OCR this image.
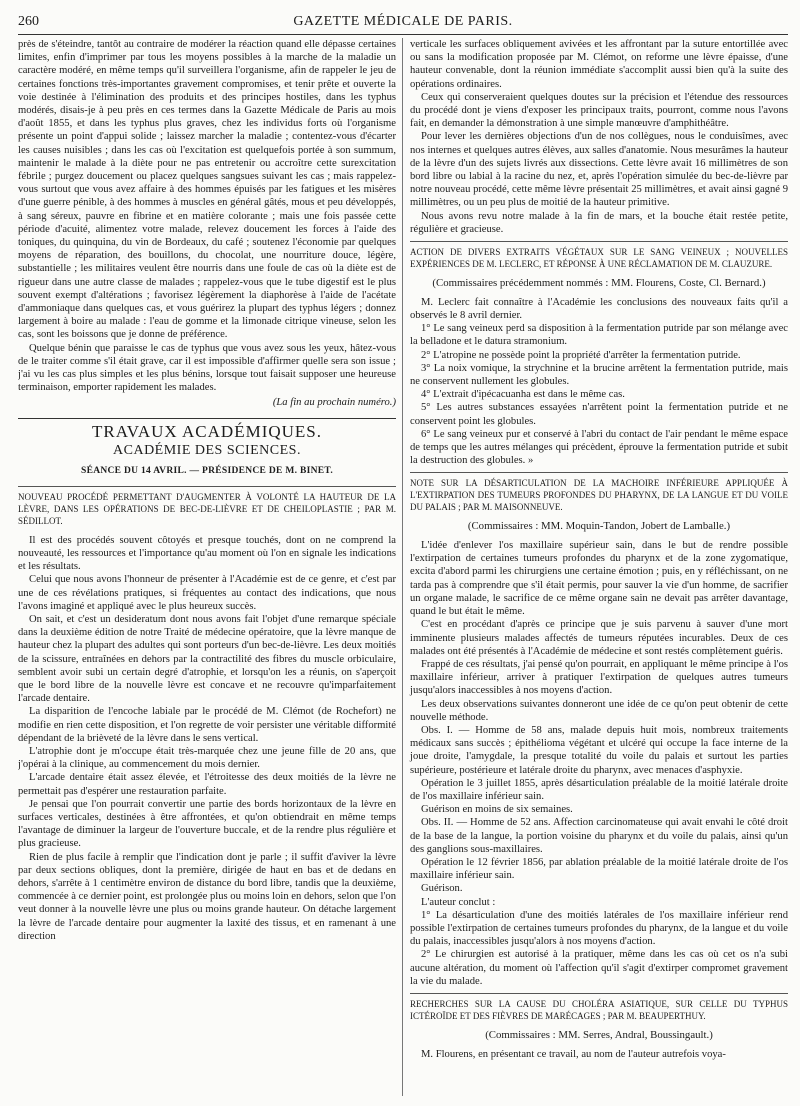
260	GAZETTE MÉDICALE DE PARIS.

près de s'éteindre, tantôt au contraire de modérer la réaction quand elle dépasse certaines limites, enfin d'imprimer par tous les moyens possibles à la marche de la maladie un caractère modéré, en même temps qu'il surveillera l'organisme, afin de rappeler le jeu de certaines fonctions très-importantes gravement compromises, et tenir prête et ouverte la voie destinée à l'élimination des produits et des principes hostiles, dans les typhus modérés, disais-je à peu près en ces termes dans la Gazette Médicale de Paris au mois d'août 1855, et dans les typhus plus graves, chez les individus forts où l'organisme présente un point d'appui solide ; laissez marcher la maladie ; contentez-vous d'écarter les causes nuisibles ; dans les cas où l'excitation est quelquefois portée à son summum, maintenir le malade à la diète pour ne pas entretenir ou accroître cette surexcitation fébrile ; purgez doucement ou placez quelques sangsues suivant les cas ; mais rappelez-vous surtout que vous avez affaire à des hommes épuisés par les fatigues et les misères d'une guerre pénible, à des hommes à muscles en général gâtés, mous et peu développés, à sang séreux, pauvre en fibrine et en matière colorante ; mais une fois passée cette période d'acuité, alimentez votre malade, relevez doucement les forces à l'aide des toniques, du quinquina, du vin de Bordeaux, du café ; soutenez l'économie par quelques moyens de réparation, des bouillons, du chocolat, une nourriture douce, légère, substantielle ; les militaires veulent être nourris dans une foule de cas où la diète est de rigueur dans une autre classe de malades ; rappelez-vous que le tube digestif est le plus souvent exempt d'altérations ; favorisez légèrement la diaphorèse à l'aide de l'acétate d'ammoniaque dans quelques cas, et vous guérirez la plupart des typhus légers ; donnez largement à boire au malade : l'eau de gomme et la limonade citrique vineuse, selon les cas, sont les boissons que je donne de préférence.

Quelque bénin que paraisse le cas de typhus que vous avez sous les yeux, hâtez-vous de le traiter comme s'il était grave, car il est impossible d'affirmer quelle sera son issue ; j'ai vu les cas plus simples et les plus bénins, lorsque tout faisait supposer une heureuse terminaison, emporter rapidement les malades.

(La fin au prochain numéro.)
TRAVAUX ACADÉMIQUES.
ACADÉMIE DES SCIENCES.
SÉANCE DU 14 AVRIL. — PRÉSIDENCE DE M. BINET.
NOUVEAU PROCÉDÉ PERMETTANT D'AUGMENTER À VOLONTÉ LA HAUTEUR DE LA LÈVRE, DANS LES OPÉRATIONS DE BEC-DE-LIÈVRE ET DE CHEILOPLASTIE ; PAR M. SÉDILLOT.

Il est des procédés souvent côtoyés et presque touchés, dont on ne comprend la nouveauté, les ressources et l'importance qu'au moment où l'on en signale les indications et les résultats.

Celui que nous avons l'honneur de présenter à l'Académie est de ce genre, et c'est par une de ces révélations pratiques, si fréquentes au contact des indications, que nous l'avons imaginé et appliqué avec le plus heureux succès.

On sait, et c'est un desideratum dont nous avons fait l'objet d'une remarque spéciale dans la deuxième édition de notre Traité de médecine opératoire, que la lèvre manque de hauteur chez la plupart des adultes qui sont porteurs d'un bec-de-lièvre. Les deux moitiés de la scissure, entraînées en dehors par la contractilité des fibres du muscle orbiculaire, semblent avoir subi un certain degré d'atrophie, et lorsqu'on les a réunis, on s'aperçoit que le bord libre de la nouvelle lèvre est concave et ne recouvre qu'imparfaitement l'arcade dentaire.

La disparition de l'encoche labiale par le procédé de M. Clémot (de Rochefort) ne modifie en rien cette disposition, et l'on regrette de voir persister une véritable difformité dépendant de la brièveté de la lèvre dans le sens vertical.

L'atrophie dont je m'occupe était très-marquée chez une jeune fille de 20 ans, que j'opérai à la clinique, au commencement du mois dernier.

L'arcade dentaire était assez élevée, et l'étroitesse des deux moitiés de la lèvre ne permettait pas d'espérer une restauration parfaite.

Je pensai que l'on pourrait convertir une partie des bords horizontaux de la lèvre en surfaces verticales, destinées à être affrontées, et qu'on obtiendrait en même temps l'avantage de diminuer la largeur de l'ouverture buccale, et de la rendre plus régulière et plus gracieuse.

Rien de plus facile à remplir que l'indication dont je parle ; il suffit d'aviver la lèvre par deux sections obliques, dont la première, dirigée de haut en bas et de dedans en dehors, s'arrête à 1 centimètre environ de distance du bord libre, tandis que la deuxième, commencée à ce dernier point, est prolongée plus ou moins loin en dehors, selon que l'on veut donner à la nouvelle lèvre une plus ou moins grande hauteur. On détache largement la lèvre de l'arcade dentaire pour augmenter la laxité des tissus, et en ramenant à une direction

verticale les surfaces obliquement avivées et les affrontant par la suture entortillée avec ou sans la modification proposée par M. Clémot, on reforme une lèvre épaisse, d'une hauteur convenable, dont la réunion immédiate s'accomplit aussi bien qu'à la suite des opérations ordinaires.

Ceux qui conserveraient quelques doutes sur la précision et l'étendue des ressources du procédé dont je viens d'exposer les principaux traits, pourront, comme nous l'avons fait, en demander la démonstration à une simple manœuvre d'amphithéâtre.

Pour lever les dernières objections d'un de nos collègues, nous le conduisîmes, avec nos internes et quelques autres élèves, aux salles d'anatomie. Nous mesurâmes la hauteur de la lèvre d'un des sujets livrés aux dissections. Cette lèvre avait 16 millimètres de son bord libre ou labial à la racine du nez, et, après l'opération simulée du bec-de-lièvre par notre nouveau procédé, cette même lèvre présentait 25 millimètres, et avait ainsi gagné 9 millimètres, ou un peu plus de moitié de la hauteur primitive.

Nous avons revu notre malade à la fin de mars, et la bouche était restée petite, régulière et gracieuse.

ACTION DE DIVERS EXTRAITS VÉGÉTAUX SUR LE SANG VEINEUX ; NOUVELLES EXPÉRIENCES DE M. LECLERC, ET RÉPONSE À UNE RÉCLAMATION DE M. CLAUZURE.
(Commissaires précédemment nommés : MM. Flourens, Coste, Cl. Bernard.)

M. Leclerc fait connaître à l'Académie les conclusions des nouveaux faits qu'il a observés le 8 avril dernier.

1° Le sang veineux perd sa disposition à la fermentation putride par son mélange avec la belladone et le datura stramonium.

2° L'atropine ne possède point la propriété d'arrêter la fermentation putride.

3° La noix vomique, la strychnine et la brucine arrêtent la fermentation putride, mais ne conservent nullement les globules.

4° L'extrait d'ipécacuanha est dans le même cas.

5° Les autres substances essayées n'arrêtent point la fermentation putride et ne conservent point les globules.

6° Le sang veineux pur et conservé à l'abri du contact de l'air pendant le même espace de temps que les autres mélanges qui précèdent, éprouve la fermentation putride et subit la destruction des globules. »

NOTE SUR LA DÉSARTICULATION DE LA MACHOIRE INFÉRIEURE APPLIQUÉE À L'EXTIRPATION DES TUMEURS PROFONDES DU PHARYNX, DE LA LANGUE ET DU VOILE DU PALAIS ; PAR M. MAISONNEUVE.
(Commissaires : MM. Moquin-Tandon, Jobert de Lamballe.)

L'idée d'enlever l'os maxillaire supérieur sain, dans le but de rendre possible l'extirpation de certaines tumeurs profondes du pharynx et de la zone zygomatique, excita d'abord parmi les chirurgiens une certaine émotion ; puis, en y réfléchissant, on ne tarda pas à comprendre que s'il était permis, pour sauver la vie d'un homme, de sacrifier un organe malade, le sacrifice de ce même organe sain ne devait pas arrêter davantage, quand le but était le même.

C'est en procédant d'après ce principe que je suis parvenu à sauver d'une mort imminente plusieurs malades affectés de tumeurs réputées incurables. Deux de ces malades ont été présentés à l'Académie de médecine et sont restés complètement guéris.

Frappé de ces résultats, j'ai pensé qu'on pourrait, en appliquant le même principe à l'os maxillaire inférieur, arriver à pratiquer l'extirpation de quelques autres tumeurs jusqu'alors inaccessibles à nos moyens d'action.

Les deux observations suivantes donneront une idée de ce qu'on peut obtenir de cette nouvelle méthode.

Obs. I. — Homme de 58 ans, malade depuis huit mois, nombreux traitements médicaux sans succès ; épithélioma végétant et ulcéré qui occupe la face interne de la joue droite, l'amygdale, la presque totalité du voile du palais et surtout les parties supérieure, postérieure et latérale droite du pharynx, avec menaces d'asphyxie.

Opération le 3 juillet 1855, après désarticulation préalable de la moitié latérale droite de l'os maxillaire inférieur sain.

Guérison en moins de six semaines.

Obs. II. — Homme de 52 ans. Affection carcinomateuse qui avait envahi le côté droit de la base de la langue, la portion voisine du pharynx et du voile du palais, ainsi qu'un des ganglions sous-maxillaires.

Opération le 12 février 1856, par ablation préalable de la moitié latérale droite de l'os maxillaire inférieur sain.

Guérison.

L'auteur conclut :

1° La désarticulation d'une des moitiés latérales de l'os maxillaire inférieur rend possible l'extirpation de certaines tumeurs profondes du pharynx, de la langue et du voile du palais, inaccessibles jusqu'alors à nos moyens d'action.

2° Le chirurgien est autorisé à la pratiquer, même dans les cas où cet os n'a subi aucune altération, du moment où l'affection qu'il s'agit d'extirper compromet gravement la vie du malade.

RECHERCHES SUR LA CAUSE DU CHOLÉRA ASIATIQUE, SUR CELLE DU TYPHUS ICTÉROÏDE ET DES FIÈVRES DE MARÉCAGES ; PAR M. BEAUPERTHUY.
(Commissaires : MM. Serres, Andral, Boussingault.)

M. Flourens, en présentant ce travail, au nom de l'auteur autrefois voya-
